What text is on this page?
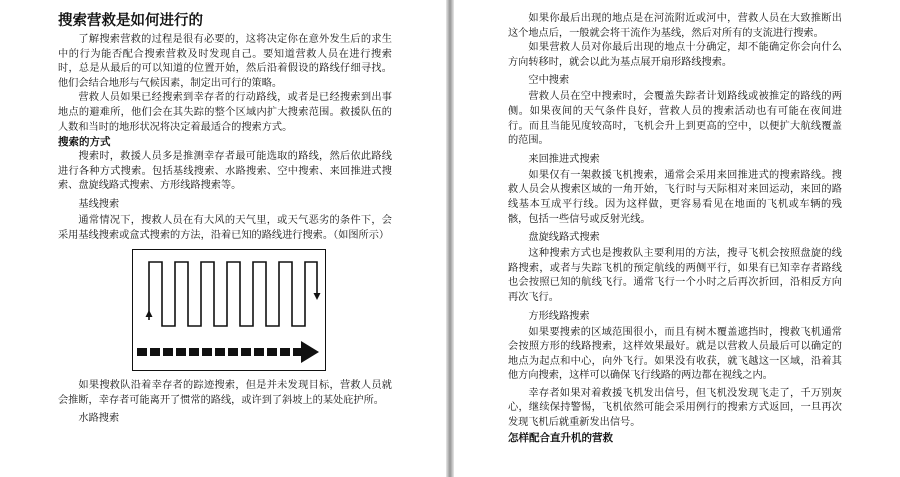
搜索营救是如何进行的

了解搜索营救的过程是很有必要的，这将决定你在意外发生后的求生中的行为能否配合搜索营救及时发现自己。要知道营救人员在进行搜索时，总是从最后的可以知道的位置开始，然后沿着假设的路线仔细寻找。他们会结合地形与气候因素，制定出可行的策略。

营救人员如果已经搜索到幸存者的行动路线，或者是已经搜索到出事地点的避难所，他们会在其失踪的整个区域内扩大搜索范围。救援队伍的人数和当时的地形状况将决定着最适合的搜索方式。

搜索的方式

搜索时，救援人员多是推测幸存者最可能选取的路线，然后依此路线进行各种方式搜索。包括基线搜索、水路搜索、空中搜索、来回推进式搜索、盘旋线路式搜索、方形线路搜索等。

基线搜索

通常情况下，搜救人员在有大风的天气里，或天气恶劣的条件下，会采用基线搜索或盒式搜索的方法，沿着已知的路线进行搜索。（如图所示）

如果搜救队沿着幸存者的踪迹搜索，但是并未发现目标，营救人员就会推断，幸存者可能离开了惯常的路线，或许到了斜坡上的某处庇护所。

水路搜索

如果你最后出现的地点是在河流附近或河中，营救人员在大致推断出这个地点后，一般就会将干流作为基线，然后对所有的支流进行搜索。

如果营救人员对你最后出现的地点十分确定，却不能确定你会向什么方向转移时，就会以此为基点展开扇形路线搜索。

空中搜索

营救人员在空中搜索时，会覆盖失踪者计划路线或被推定的路线的两侧。如果夜间的天气条件良好，营救人员的搜索活动也有可能在夜间进行。而且当能见度较高时，飞机会升上到更高的空中，以便扩大航线覆盖的范围。

来回推进式搜索

如果仅有一架救援飞机搜索，通常会采用来回推进式的搜索路线。搜救人员会从搜索区域的一角开始，飞行时与天际相对来回运动，来回的路线基本互成平行线。因为这样做，更容易看见在地面的飞机或车辆的残骸，包括一些信号或反射光线。

盘旋线路式搜索

这种搜索方式也是搜救队主要利用的方法，搜寻飞机会按照盘旋的线路搜索，或者与失踪飞机的预定航线的两侧平行，如果有已知幸存者路线也会按照已知的航线飞行。通常飞行一个小时之后再次折回，沿相反方向再次飞行。

方形线路搜索

如果要搜索的区域范围很小，而且有树木覆盖遮挡时，搜救飞机通常会按照方形的线路搜索，这样效果最好。就是以营救人员最后可以确定的地点为起点和中心，向外飞行。如果没有收获，就飞越这一区域，沿着其他方向搜索，这样可以确保飞行线路的两边都在视线之内。

幸存者如果对着救援飞机发出信号，但飞机没发现飞走了，千万别灰心，继续保持警惕，飞机依然可能会采用例行的搜索方式返回，一旦再次发现飞机后就重新发出信号。

怎样配合直升机的营救
